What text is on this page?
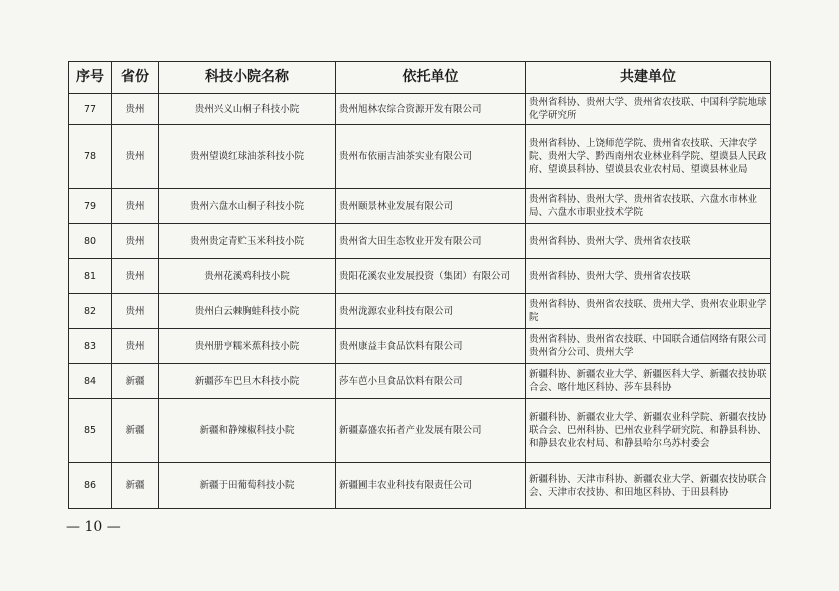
序号	省份	科技小院名称	依托单位	共建单位
77	贵州	贵州兴义山桐子科技小院	贵州旭林农综合资源开发有限公司	贵州省科协、贵州大学、贵州省农技联、中国科学院地球化学研究所
78	贵州	贵州望谟红球油茶科技小院	贵州布依丽吉油茶实业有限公司	贵州省科协、上饶师范学院、贵州省农技联、天津农学院、贵州大学、黔西南州农业林业科学院、望谟县人民政府、望谟县科协、望谟县农业农村局、望谟县林业局
79	贵州	贵州六盘水山桐子科技小院	贵州颐景林业发展有限公司	贵州省科协、贵州大学、贵州省农技联、六盘水市林业局、六盘水市职业技术学院
80	贵州	贵州贵定青贮玉米科技小院	贵州省大田生态牧业开发有限公司	贵州省科协、贵州大学、贵州省农技联
81	贵州	贵州花溪鸡科技小院	贵阳花溪农业发展投资（集团）有限公司	贵州省科协、贵州大学、贵州省农技联
82	贵州	贵州白云棘胸蛙科技小院	贵州泷源农业科技有限公司	贵州省科协、贵州省农技联、贵州大学、贵州农业职业学院
83	贵州	贵州册亨糯米蕉科技小院	贵州康益丰食品饮料有限公司	贵州省科协、贵州省农技联、中国联合通信网络有限公司贵州省分公司、贵州大学
84	新疆	新疆莎车巴旦木科技小院	莎车芭小旦食品饮料有限公司	新疆科协、新疆农业大学、新疆医科大学、新疆农技协联合会、喀什地区科协、莎车县科协
85	新疆	新疆和静辣椒科技小院	新疆嘉盛农拓者产业发展有限公司	新疆科协、新疆农业大学、新疆农业科学院、新疆农技协联合会、巴州科协、巴州农业科学研究院、和静县科协、和静县农业农村局、和静县哈尔乌苏村委会
86	新疆	新疆于田葡萄科技小院	新疆圃丰农业科技有限责任公司	新疆科协、天津市科协、新疆农业大学、新疆农技协联合会、天津市农技协、和田地区科协、于田县科协
— 10 —
